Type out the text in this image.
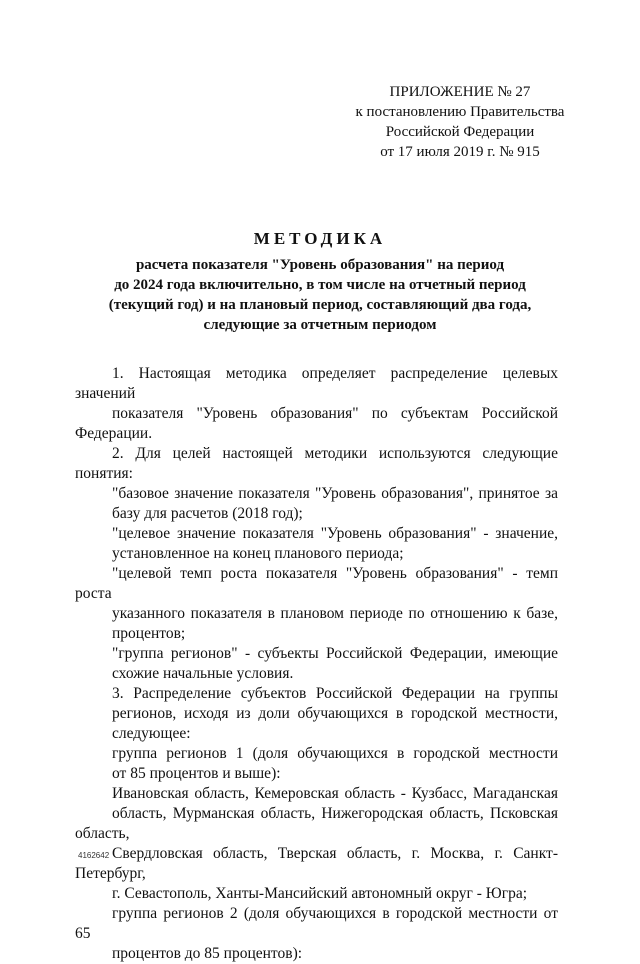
ПРИЛОЖЕНИЕ № 27
к постановлению Правительства
Российской Федерации
от 17 июля 2019 г. № 915
МЕТОДИКА
расчета показателя "Уровень образования" на период
до 2024 года включительно, в том числе на отчетный период
(текущий год) и на плановый период, составляющий два года,
следующие за отчетным периодом
1. Настоящая методика определяет распределение целевых значений
показателя "Уровень образования" по субъектам Российской Федерации.
2. Для целей настоящей методики используются следующие понятия:
"базовое значение показателя "Уровень образования", принятое за
базу для расчетов (2018 год);
"целевое значение показателя "Уровень образования" - значение,
установленное на конец планового периода;
"целевой темп роста показателя "Уровень образования" - темп роста
указанного показателя в плановом периоде по отношению к базе,
процентов;
"группа регионов" - субъекты Российской Федерации, имеющие
схожие начальные условия.
3. Распределение субъектов Российской Федерации на группы
регионов, исходя из доли обучающихся в городской местности,
следующее:
группа регионов 1 (доля обучающихся в городской местности
от 85 процентов и выше):
Ивановская область, Кемеровская область - Кузбасс, Магаданская
область, Мурманская область, Нижегородская область, Псковская область,
Свердловская область, Тверская область, г. Москва, г. Санкт-Петербург,
г. Севастополь, Ханты-Мансийский автономный округ - Югра;
группа регионов 2 (доля обучающихся в городской местности от 65
процентов до 85 процентов):
4162642
